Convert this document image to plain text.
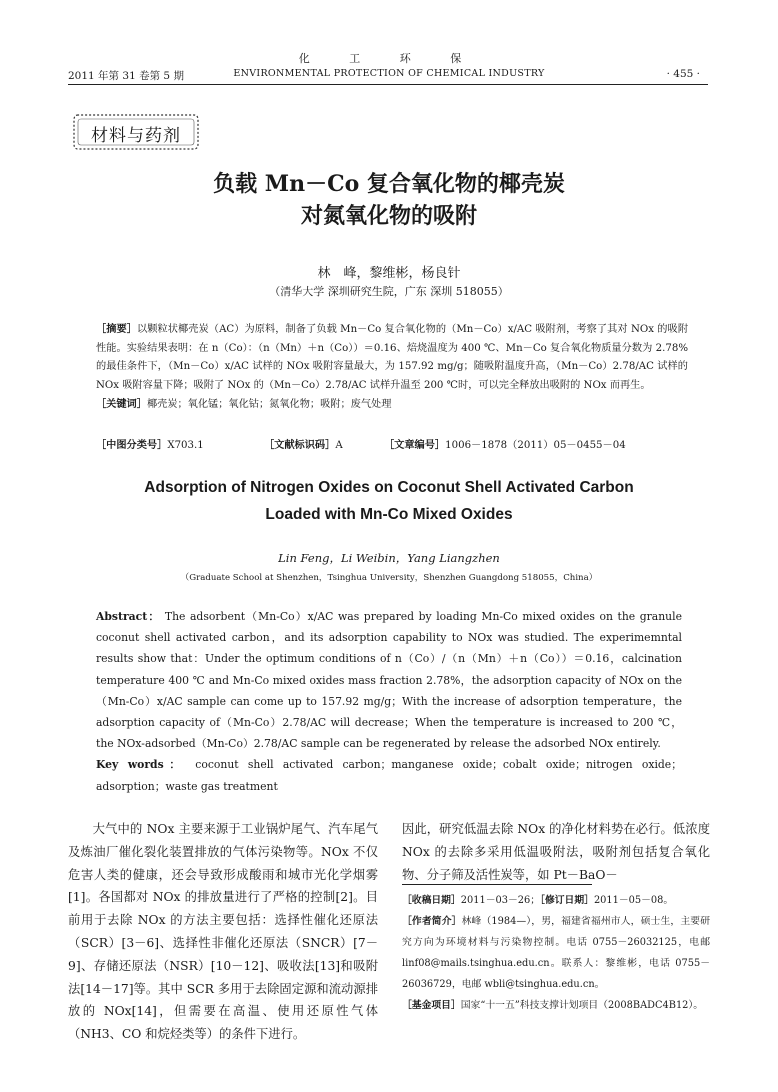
化 工 环 保
2011 年第 31 卷第 5 期	ENVIRONMENTAL PROTECTION OF CHEMICAL INDUSTRY	· 455 ·
材料与药剂
负载 Mn－Co 复合氧化物的椰壳炭
对氮氧化物的吸附
林　峰，黎维彬，杨良针
（清华大学 深圳研究生院，广东 深圳 518055）

［摘要］以颗粒状椰壳炭（AC）为原料，制备了负载 Mn－Co 复合氧化物的（Mn－Co）x/AC 吸附剂，考察了其对 NOx 的吸附性能。实验结果表明：在 n（Co）：（n（Mn）＋n（Co））＝0.16、焙烧温度为 400 ℃、Mn－Co 复合氧化物质量分数为 2.78% 的最佳条件下，（Mn－Co）x/AC 试样的 NOx 吸附容量最大，为 157.92 mg/g；随吸附温度升高，（Mn－Co）2.78/AC 试样的 NOx 吸附容量下降；吸附了 NOx 的（Mn－Co）2.78/AC 试样升温至 200 ℃时，可以完全释放出吸附的 NOx 而再生。

［关键词］椰壳炭；氧化锰；氧化钴；氮氧化物；吸附；废气处理

［中图分类号］X703.1	［文献标识码］A	［文章编号］1006－1878（2011）05－0455－04
Adsorption of Nitrogen Oxides on Coconut Shell Activated Carbon
Loaded with Mn-Co Mixed Oxides
Lin Feng，Li Weibin，Yang Liangzhen
（Graduate School at Shenzhen，Tsinghua University，Shenzhen Guangdong 518055，China）

Abstract： The adsorbent（Mn-Co）x/AC was prepared by loading Mn-Co mixed oxides on the granule coconut shell activated carbon，and its adsorption capability to NOx was studied. The experimemntal results show that：Under the optimum conditions of n（Co）/（n（Mn）＋n（Co））＝0.16，calcination temperature 400 ℃ and Mn-Co mixed oxides mass fraction 2.78%，the adsorption capacity of NOx on the（Mn-Co）x/AC sample can come up to 157.92 mg/g；With the increase of adsorption temperature，the adsorption capacity of（Mn-Co）2.78/AC will decrease；When the temperature is increased to 200 ℃，the NOx-adsorbed（Mn-Co）2.78/AC sample can be regenerated by release the adsorbed NOx entirely.

Key words： coconut shell activated carbon；manganese oxide；cobalt oxide；nitrogen oxide；adsorption；waste gas treatment

大气中的 NOx 主要来源于工业锅炉尾气、汽车尾气及炼油厂催化裂化装置排放的气体污染物等。NOx 不仅危害人类的健康，还会导致形成酸雨和城市光化学烟雾[1]。各国都对 NOx 的排放量进行了严格的控制[2]。目前用于去除 NOx 的方法主要包括：选择性催化还原法（SCR）[3－6]、选择性非催化还原法（SNCR）[7－9]、存储还原法（NSR）[10－12]、吸收法[13]和吸附法[14－17]等。其中 SCR 多用于去除固定源和流动源排放的 NOx[14]，但需要在高温、使用还原性气体（NH3、CO 和烷烃类等）的条件下进行。

因此，研究低温去除 NOx 的净化材料势在必行。低浓度 NOx 的去除多采用低温吸附法，吸附剂包括复合氧化物、分子筛及活性炭等，如 Pt－BaO－

［收稿日期］2011－03－26；［修订日期］2011－05－08。

［作者简介］林峰（1984—），男，福建省福州市人，硕士生，主要研究方向为环境材料与污染物控制。电话 0755－26032125，电邮 linf08@mails.tsinghua.edu.cn。联系人：黎维彬，电话 0755－26036729，电邮 wbli@tsinghua.edu.cn。

［基金项目］国家“十一五”科技支撑计划项目（2008BADC4B12）。
